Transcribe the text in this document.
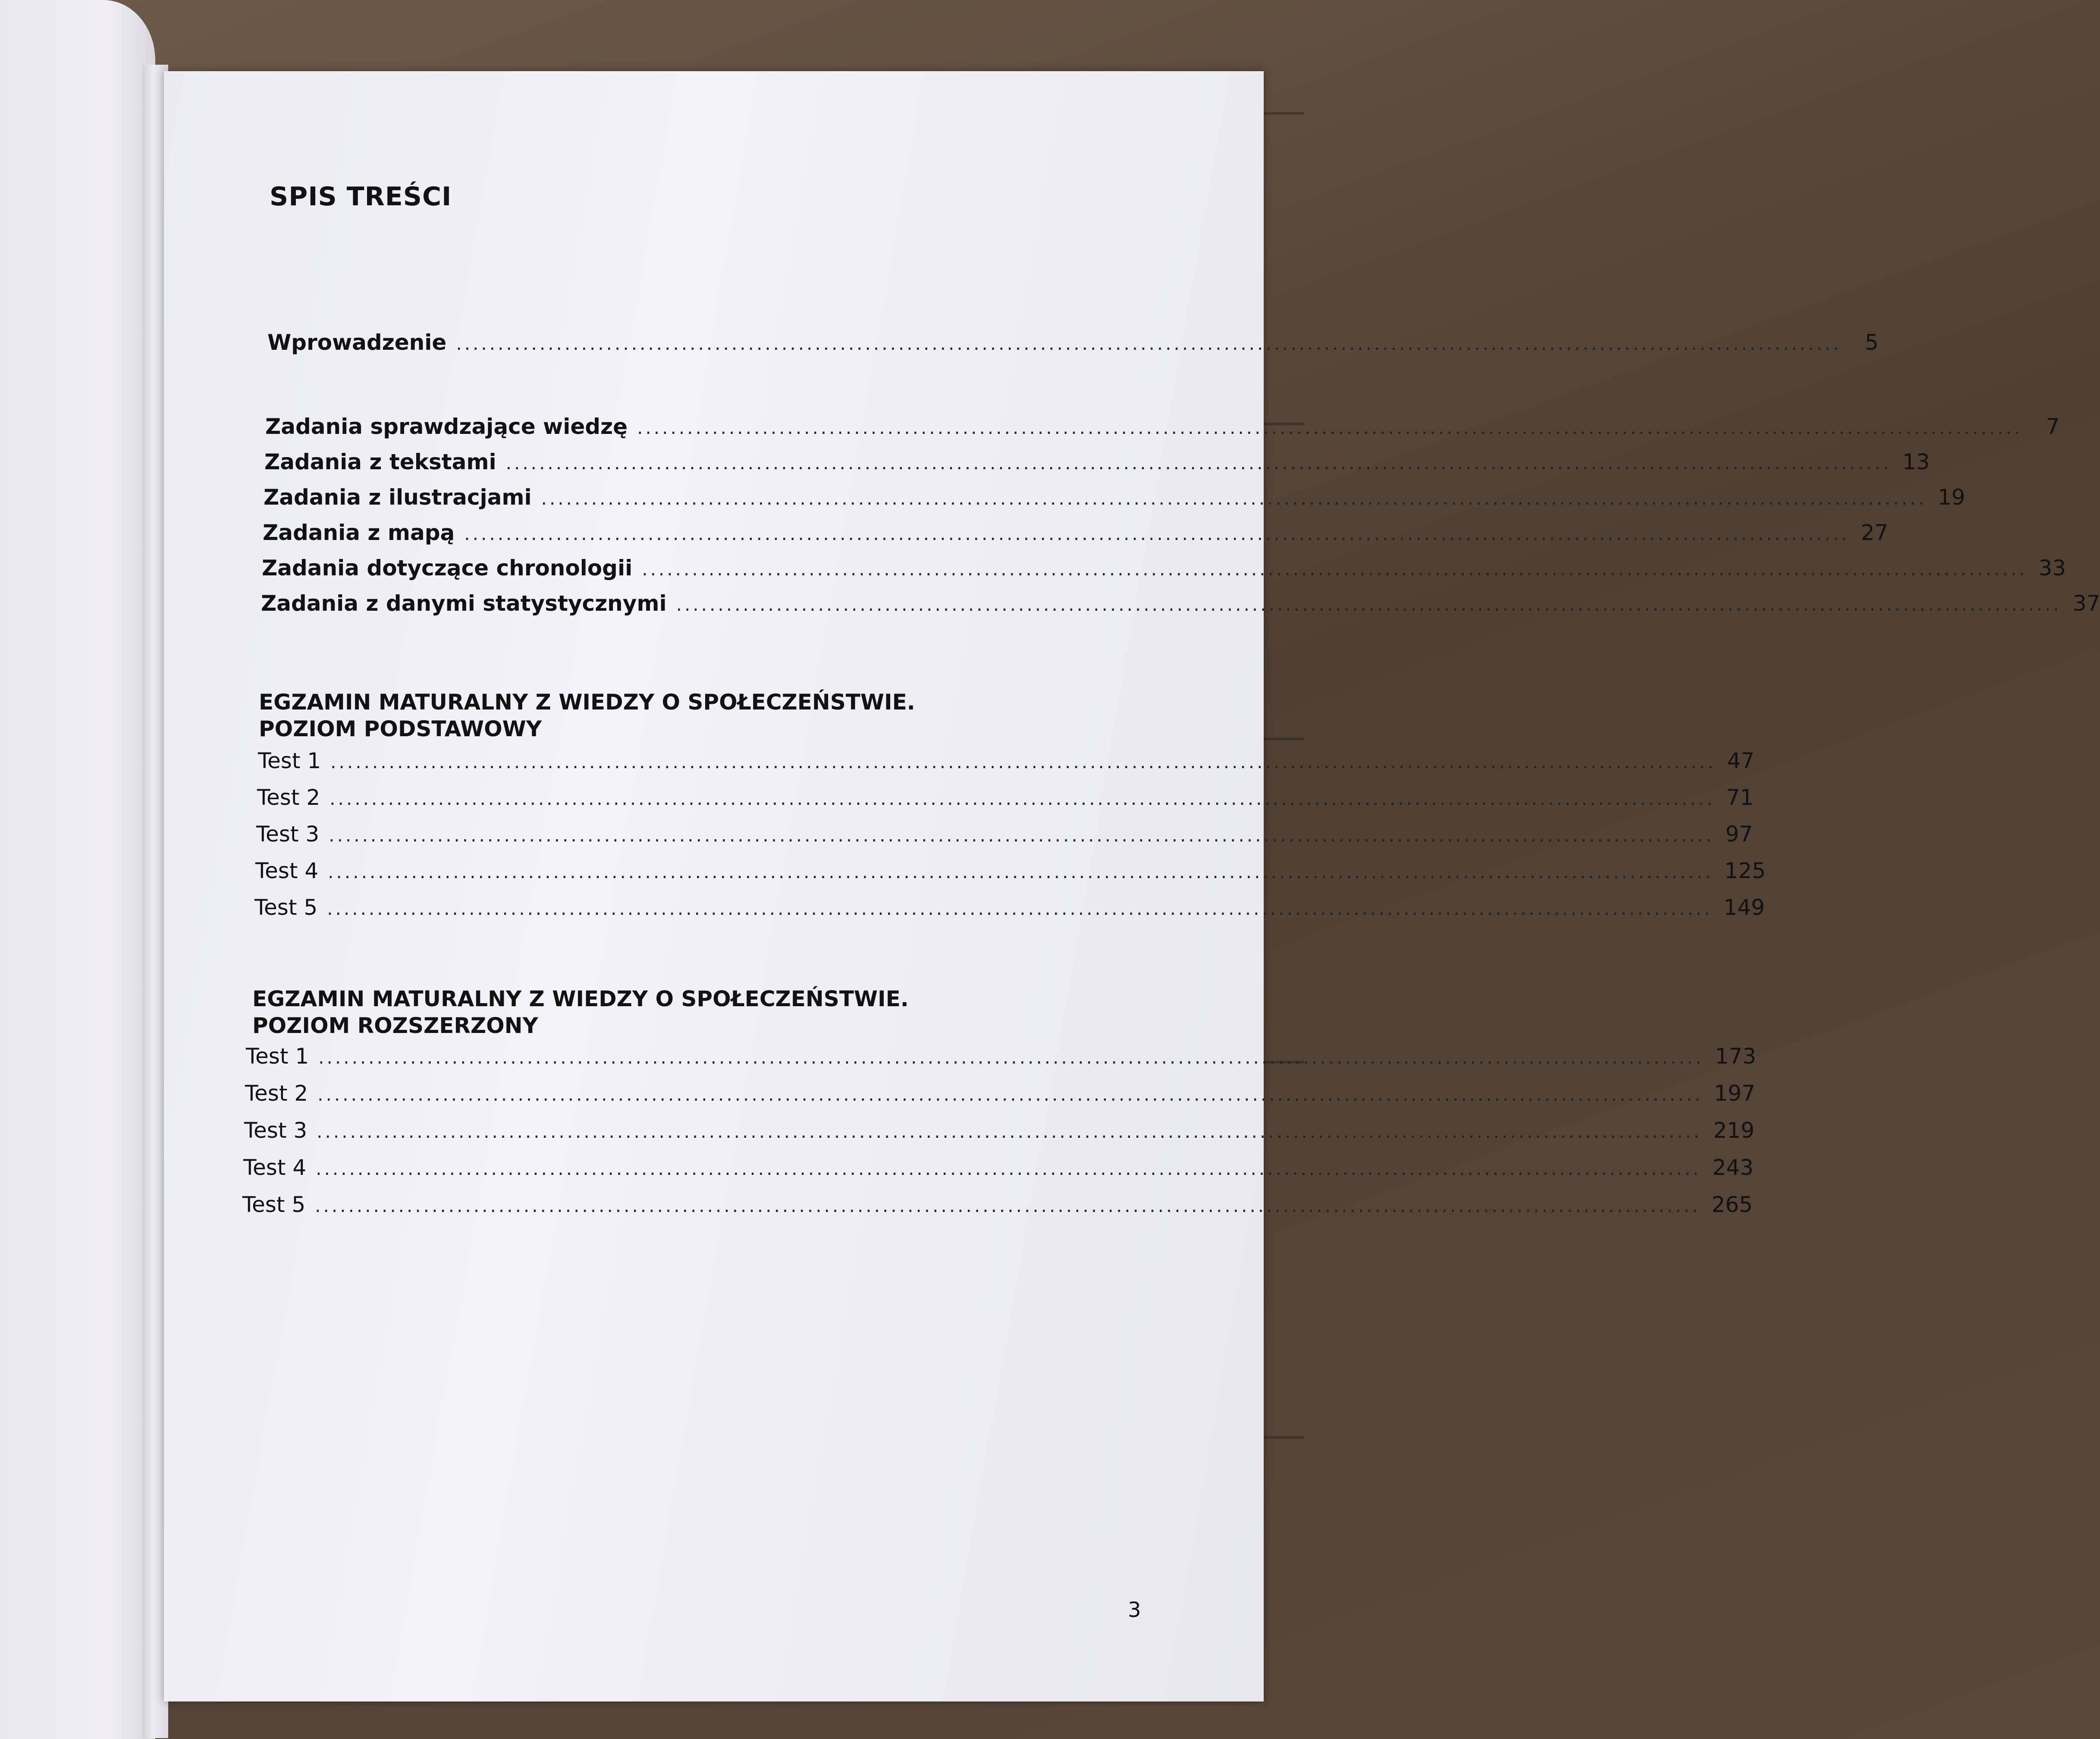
SPIS TREŚCI
Wprowadzenie ......................................................................................................................................................................	5
Zadania sprawdzające wiedzę ......................................................................................................................................................................	7
Zadania z tekstami ...................................................................................................................................................................... 13
Zadania z ilustracjami ...................................................................................................................................................................... 19
Zadania z mapą ...................................................................................................................................................................... 27
Zadania dotyczące chronologii ...................................................................................................................................................................... 33
Zadania z danymi statystycznymi ...................................................................................................................................................................... 37
EGZAMIN MATURALNY Z WIEDZY O SPOŁECZEŃSTWIE.
POZIOM PODSTAWOWY
Test 1 ...................................................................................................................................................................... 47
Test 2 ...................................................................................................................................................................... 71
Test 3 ...................................................................................................................................................................... 97
Test 4 ...................................................................................................................................................................... 125
Test 5 ...................................................................................................................................................................... 149
EGZAMIN MATURALNY Z WIEDZY O SPOŁECZEŃSTWIE.
POZIOM ROZSZERZONY
Test 1 ...................................................................................................................................................................... 173
Test 2 ...................................................................................................................................................................... 197
Test 3 ...................................................................................................................................................................... 219
Test 4 ...................................................................................................................................................................... 243
Test 5 ...................................................................................................................................................................... 265
3
